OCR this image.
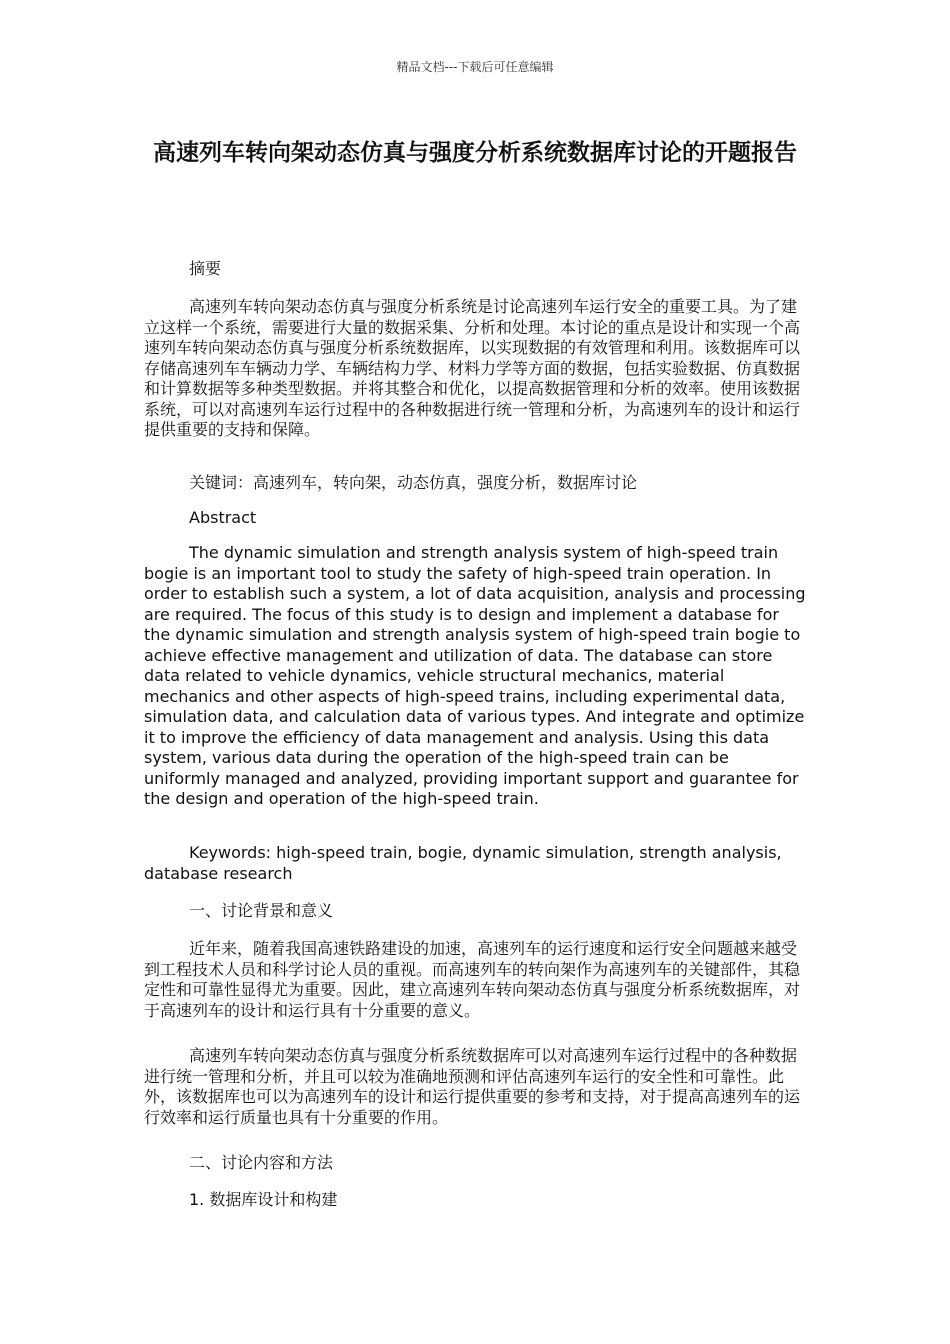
精品文档---下载后可任意编辑
高速列车转向架动态仿真与强度分析系统数据库讨论的开题报告

摘要

高速列车转向架动态仿真与强度分析系统是讨论高速列车运行安全的重要工具。为了建立这样一个系统，需要进行大量的数据采集、分析和处理。本讨论的重点是设计和实现一个高速列车转向架动态仿真与强度分析系统数据库，以实现数据的有效管理和利用。该数据库可以存储高速列车车辆动力学、车辆结构力学、材料力学等方面的数据，包括实验数据、仿真数据和计算数据等多种类型数据。并将其整合和优化，以提高数据管理和分析的效率。使用该数据系统，可以对高速列车运行过程中的各种数据进行统一管理和分析，为高速列车的设计和运行提供重要的支持和保障。

关键词：高速列车，转向架，动态仿真，强度分析，数据库讨论

Abstract

The dynamic simulation and strength analysis system of high-speed train bogie is an important tool to study the safety of high-speed train operation. In order to establish such a system, a lot of data acquisition, analysis and processing are required. The focus of this study is to design and implement a database for the dynamic simulation and strength analysis system of high-speed train bogie to achieve effective management and utilization of data. The database can store data related to vehicle dynamics, vehicle structural mechanics, material mechanics and other aspects of high-speed trains, including experimental data, simulation data, and calculation data of various types. And integrate and optimize it to improve the efficiency of data management and analysis. Using this data system, various data during the operation of the high-speed train can be uniformly managed and analyzed, providing important support and guarantee for the design and operation of the high-speed train.

Keywords: high-speed train, bogie, dynamic simulation, strength analysis, database research

一、讨论背景和意义

近年来，随着我国高速铁路建设的加速，高速列车的运行速度和运行安全问题越来越受到工程技术人员和科学讨论人员的重视。而高速列车的转向架作为高速列车的关键部件，其稳定性和可靠性显得尤为重要。因此，建立高速列车转向架动态仿真与强度分析系统数据库，对于高速列车的设计和运行具有十分重要的意义。

高速列车转向架动态仿真与强度分析系统数据库可以对高速列车运行过程中的各种数据进行统一管理和分析，并且可以较为准确地预测和评估高速列车运行的安全性和可靠性。此外，该数据库也可以为高速列车的设计和运行提供重要的参考和支持，对于提高高速列车的运行效率和运行质量也具有十分重要的作用。

二、讨论内容和方法

1. 数据库设计和构建
